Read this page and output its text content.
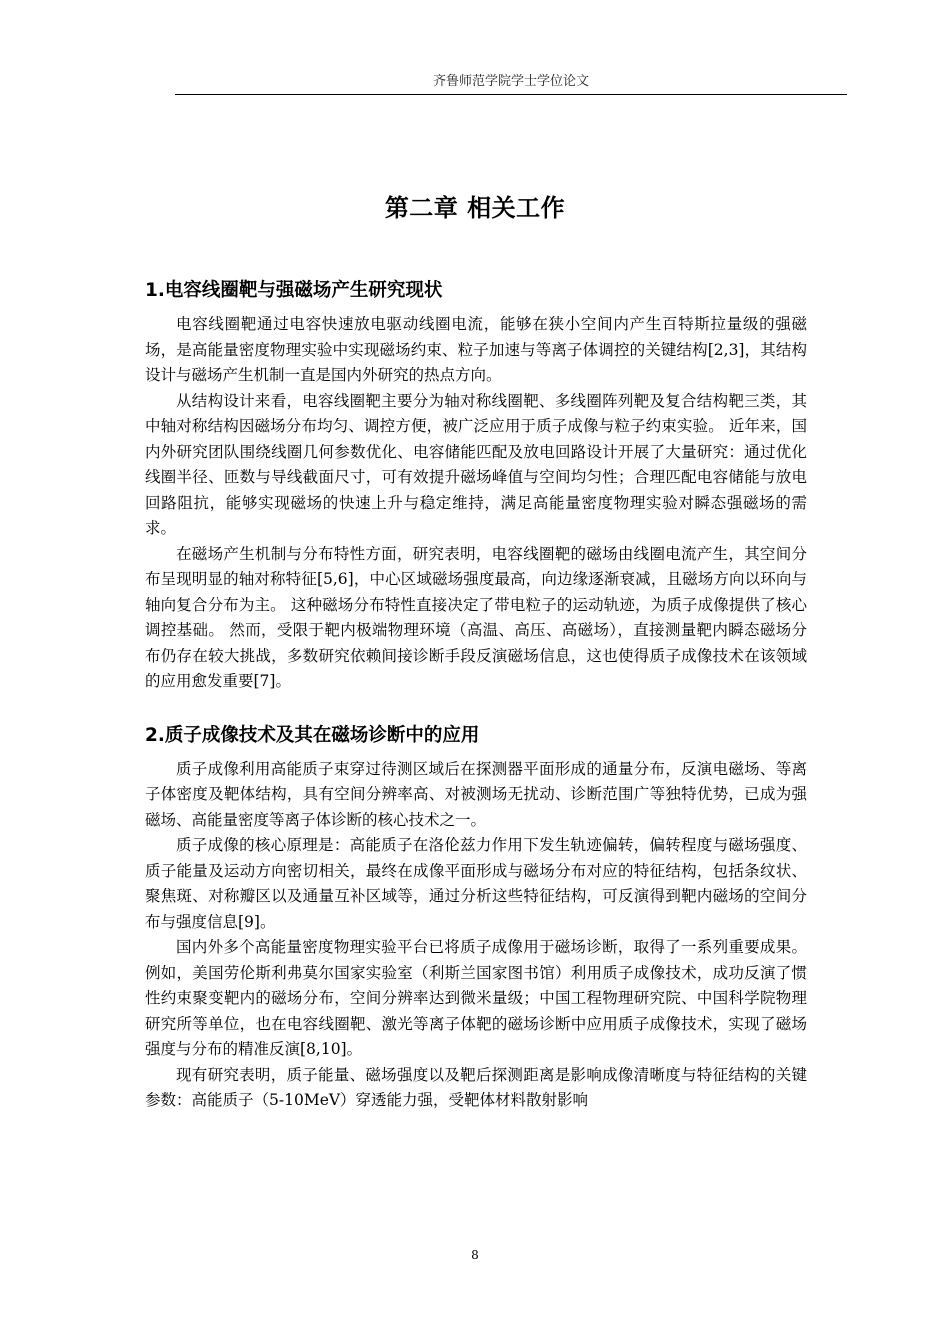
齐鲁师范学院学士学位论文
第二章 相关工作
1.电容线圈靶与强磁场产生研究现状

电容线圈靶通过电容快速放电驱动线圈电流，能够在狭小空间内产生百特斯拉量级的强磁场，是高能量密度物理实验中实现磁场约束、粒子加速与等离子体调控的关键结构[2,3]，其结构设计与磁场产生机制一直是国内外研究的热点方向。

从结构设计来看，电容线圈靶主要分为轴对称线圈靶、多线圈阵列靶及复合结构靶三类，其中轴对称结构因磁场分布均匀、调控方便，被广泛应用于质子成像与粒子约束实验。 近年来，国内外研究团队围绕线圈几何参数优化、电容储能匹配及放电回路设计开展了大量研究：通过优化线圈半径、匝数与导线截面尺寸，可有效提升磁场峰值与空间均匀性；合理匹配电容储能与放电回路阻抗，能够实现磁场的快速上升与稳定维持，满足高能量密度物理实验对瞬态强磁场的需求。

在磁场产生机制与分布特性方面，研究表明，电容线圈靶的磁场由线圈电流产生，其空间分布呈现明显的轴对称特征[5,6]，中心区域磁场强度最高，向边缘逐渐衰减，且磁场方向以环向与轴向复合分布为主。 这种磁场分布特性直接决定了带电粒子的运动轨迹，为质子成像提供了核心调控基础。 然而，受限于靶内极端物理环境（高温、高压、高磁场），直接测量靶内瞬态磁场分布仍存在较大挑战，多数研究依赖间接诊断手段反演磁场信息，这也使得质子成像技术在该领域的应用愈发重要[7]。

2.质子成像技术及其在磁场诊断中的应用

质子成像利用高能质子束穿过待测区域后在探测器平面形成的通量分布，反演电磁场、等离子体密度及靶体结构，具有空间分辨率高、对被测场无扰动、诊断范围广等独特优势，已成为强磁场、高能量密度等离子体诊断的核心技术之一。

质子成像的核心原理是：高能质子在洛伦兹力作用下发生轨迹偏转，偏转程度与磁场强度、质子能量及运动方向密切相关，最终在成像平面形成与磁场分布对应的特征结构，包括条纹状、聚焦斑、对称瓣区以及通量互补区域等，通过分析这些特征结构，可反演得到靶内磁场的空间分布与强度信息[9]。

国内外多个高能量密度物理实验平台已将质子成像用于磁场诊断，取得了一系列重要成果。 例如，美国劳伦斯利弗莫尔国家实验室（利斯兰国家图书馆）利用质子成像技术，成功反演了惯性约束聚变靶内的磁场分布，空间分辨率达到微米量级；中国工程物理研究院、中国科学院物理研究所等单位，也在电容线圈靶、激光等离子体靶的磁场诊断中应用质子成像技术，实现了磁场强度与分布的精准反演[8,10]。

现有研究表明，质子能量、磁场强度以及靶后探测距离是影响成像清晰度与特征结构的关键参数：高能质子（5-10MeV）穿透能力强，受靶体材料散射影响

8
